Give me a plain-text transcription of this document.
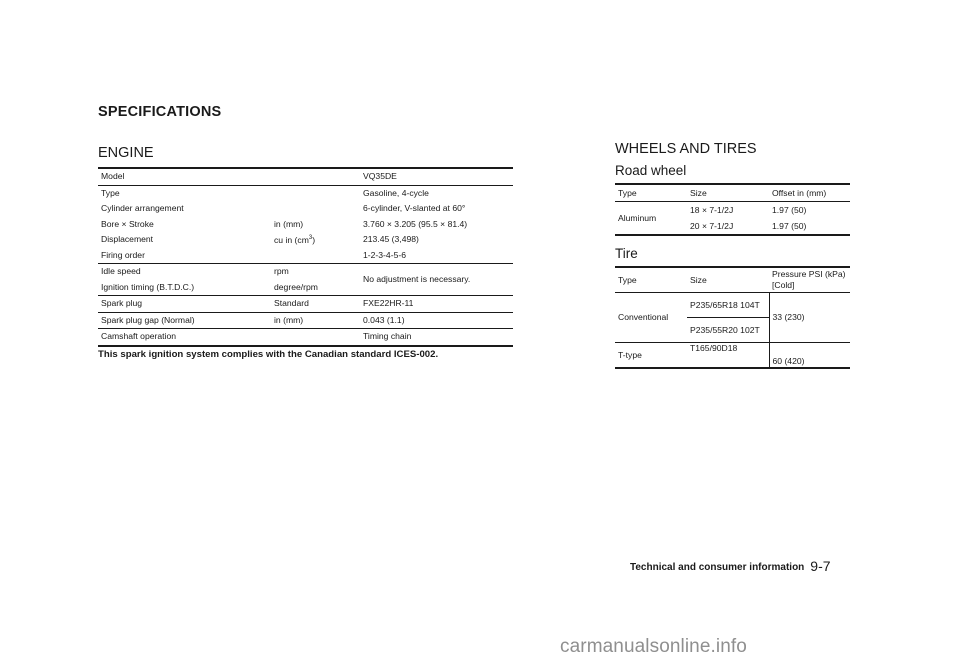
SPECIFICATIONS
ENGINE
Model		VQ35DE
Type		Gasoline, 4-cycle
Cylinder arrangement		6-cylinder, V-slanted at 60°
Bore × Stroke	in (mm)	3.760 × 3.205 (95.5 × 81.4)
Displacement	cu in $(cm^3)$	213.45 (3,498)
Firing order		1-2-3-4-5-6
Idle speed	rpm	No adjustment is necessary.
Ignition timing (B.T.D.C.)	degree/rpm	
Spark plug	Standard	FXE22HR-11
Spark plug gap (Normal)	in (mm)	0.043 (1.1)
Camshaft operation		Timing chain
This spark ignition system complies with the Canadian standard ICES-002.
WHEELS AND TIRES
Road wheel
Type	Size	Offset in (mm)
Aluminum	18 × 7-1/2J	1.97 (50)
	20 × 7-1/2J	1.97 (50)
Tire
Type	Size	Pressure PSI (kPa) [Cold]
Conventional	P235/65R18 104T	33 (230)
	P235/55R20 102T	
T-type	T165/90D18	60 (420)
Technical and consumer information 9-7
carmanualsonline.info
